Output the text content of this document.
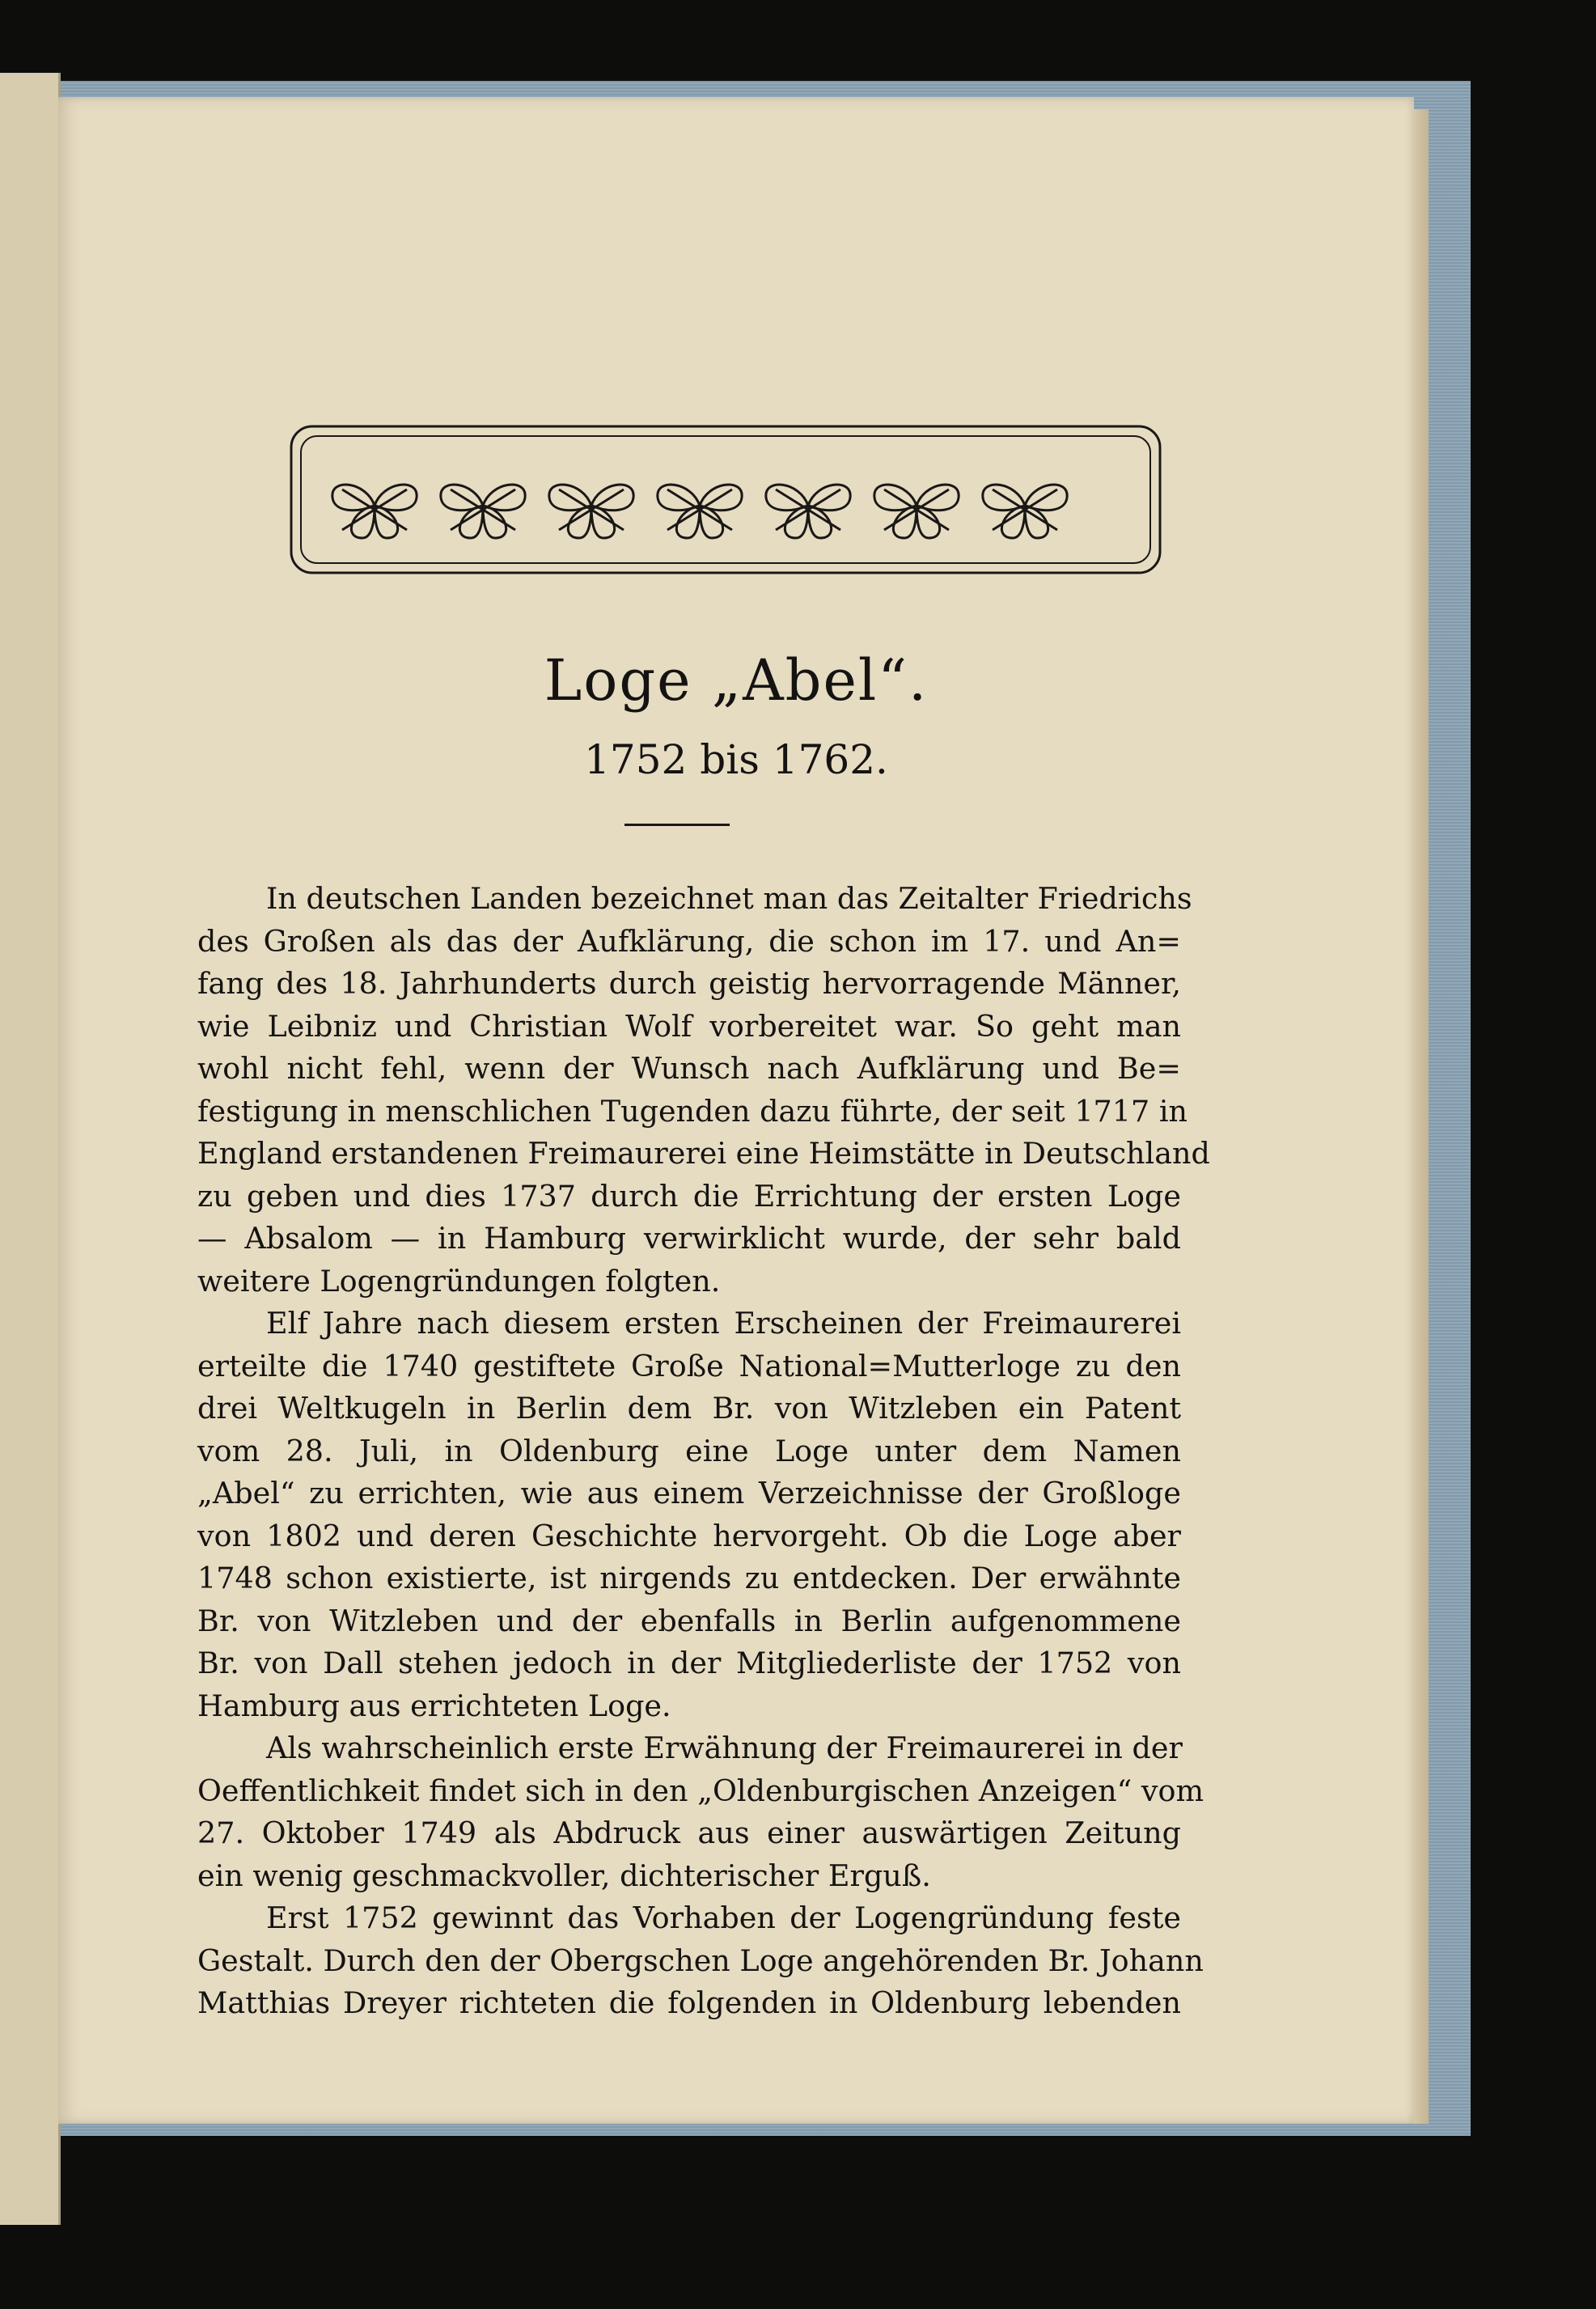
Loge „Abel“.
1752 bis 1762.
In deutschen Landen bezeichnet man das Zeitalter Friedrichs
des Großen als das der Aufklärung, die schon im 17. und An=
fang des 18. Jahrhunderts durch geistig hervorragende Männer,
wie Leibniz und Christian Wolf vorbereitet war. So geht man
wohl nicht fehl, wenn der Wunsch nach Aufklärung und Be=
festigung in menschlichen Tugenden dazu führte, der seit 1717 in
England erstandenen Freimaurerei eine Heimstätte in Deutschland
zu geben und dies 1737 durch die Errichtung der ersten Loge
— Absalom — in Hamburg verwirklicht wurde, der sehr bald
weitere Logengründungen folgten.
Elf Jahre nach diesem ersten Erscheinen der Freimaurerei
erteilte die 1740 gestiftete Große National=Mutterloge zu den
drei Weltkugeln in Berlin dem Br. von Witzleben ein Patent
vom 28. Juli, in Oldenburg eine Loge unter dem Namen
„Abel“ zu errichten, wie aus einem Verzeichnisse der Großloge
von 1802 und deren Geschichte hervorgeht. Ob die Loge aber
1748 schon existierte, ist nirgends zu entdecken. Der erwähnte
Br. von Witzleben und der ebenfalls in Berlin aufgenommene
Br. von Dall stehen jedoch in der Mitgliederliste der 1752 von
Hamburg aus errichteten Loge.
Als wahrscheinlich erste Erwähnung der Freimaurerei in der
Oeffentlichkeit findet sich in den „Oldenburgischen Anzeigen“ vom
27. Oktober 1749 als Abdruck aus einer auswärtigen Zeitung
ein wenig geschmackvoller, dichterischer Erguß.
Erst 1752 gewinnt das Vorhaben der Logengründung feste
Gestalt. Durch den der Obergschen Loge angehörenden Br. Johann
Matthias Dreyer richteten die folgenden in Oldenburg lebenden
